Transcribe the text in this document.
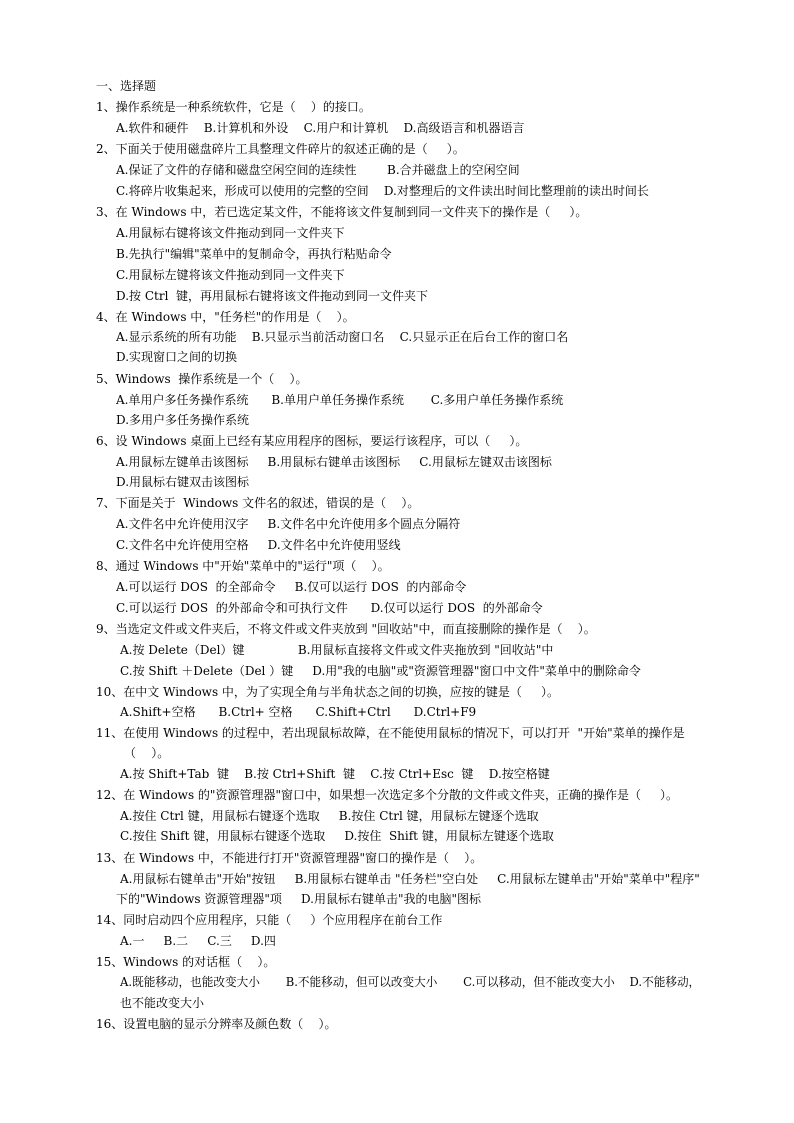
一、选择题
1、操作系统是一种系统软件，它是（    ）的接口。
A.软件和硬件    B.计算机和外设    C.用户和计算机    D.高级语言和机器语言
2、下面关于使用磁盘碎片工具整理文件碎片的叙述正确的是（     ）。
A.保证了文件的存储和磁盘空闲空间的连续性        B.合并磁盘上的空闲空间
C.将碎片收集起来，形成可以使用的完整的空间    D.对整理后的文件读出时间比整理前的读出时间长
3、在 Windows 中，若已选定某文件，不能将该文件复制到同一文件夹下的操作是（     ）。
A.用鼠标右键将该文件拖动到同一文件夹下
B.先执行"编辑"菜单中的复制命令，再执行粘贴命令
C.用鼠标左键将该文件拖动到同一文件夹下
D.按 Ctrl  键，再用鼠标右键将该文件拖动到同一文件夹下
4、在 Windows 中，"任务栏"的作用是（    ）。
A.显示系统的所有功能    B.只显示当前活动窗口名    C.只显示正在后台工作的窗口名
D.实现窗口之间的切换
5、Windows  操作系统是一个（    ）。
A.单用户多任务操作系统      B.单用户单任务操作系统       C.多用户单任务操作系统
D.多用户多任务操作系统
6、设 Windows 桌面上已经有某应用程序的图标，要运行该程序，可以（     ）。
A.用鼠标左键单击该图标     B.用鼠标右键单击该图标     C.用鼠标左键双击该图标
D.用鼠标右键双击该图标
7、下面是关于  Windows 文件名的叙述，错误的是（    ）。
A.文件名中允许使用汉字     B.文件名中允许使用多个圆点分隔符
C.文件名中允许使用空格     D.文件名中允许使用竖线
8、通过 Windows 中"开始"菜单中的"运行"项（    ）。
A.可以运行 DOS  的全部命令     B.仅可以运行 DOS  的内部命令
C.可以运行 DOS  的外部命令和可执行文件      D.仅可以运行 DOS  的外部命令
9、当选定文件或文件夹后，不将文件或文件夹放到 "回收站"中，而直接删除的操作是（    ）。
A.按 Delete（Del）键              B.用鼠标直接将文件或文件夹拖放到 "回收站"中
C.按 Shift ＋Delete（Del ）键     D.用"我的电脑"或"资源管理器"窗口中文件"菜单中的删除命令
10、在中文 Windows 中，为了实现全角与半角状态之间的切换，应按的键是（     ）。
A.Shift+空格      B.Ctrl+ 空格      C.Shift+Ctrl      D.Ctrl+F9
11、在使用 Windows 的过程中，若出现鼠标故障，在不能使用鼠标的情况下，可以打开  "开始"菜单的操作是
（    ）。
A.按 Shift+Tab  键    B.按 Ctrl+Shift  键    C.按 Ctrl+Esc  键    D.按空格键
12、在 Windows 的"资源管理器"窗口中，如果想一次选定多个分散的文件或文件夹，正确的操作是（     ）。
A.按住 Ctrl 键，用鼠标右键逐个选取     B.按住 Ctrl 键，用鼠标左键逐个选取
C.按住 Shift 键，用鼠标右键逐个选取     D.按住  Shift 键，用鼠标左键逐个选取
13、在 Windows 中，不能进行打开"资源管理器"窗口的操作是（    ）。
A.用鼠标右键单击"开始"按钮     B.用鼠标右键单击 "任务栏"空白处     C.用鼠标左键单击"开始"菜单中"程序"
下的"Windows 资源管理器"项     D.用鼠标右键单击"我的电脑"图标
14、同时启动四个应用程序，只能（     ）个应用程序在前台工作
A.一     B.二     C.三     D.四
15、Windows 的对话框（    ）。
A.既能移动，也能改变大小       B.不能移动，但可以改变大小       C.可以移动，但不能改变大小    D.不能移动，
也不能改变大小
16、设置电脑的显示分辨率及颜色数（    ）。
